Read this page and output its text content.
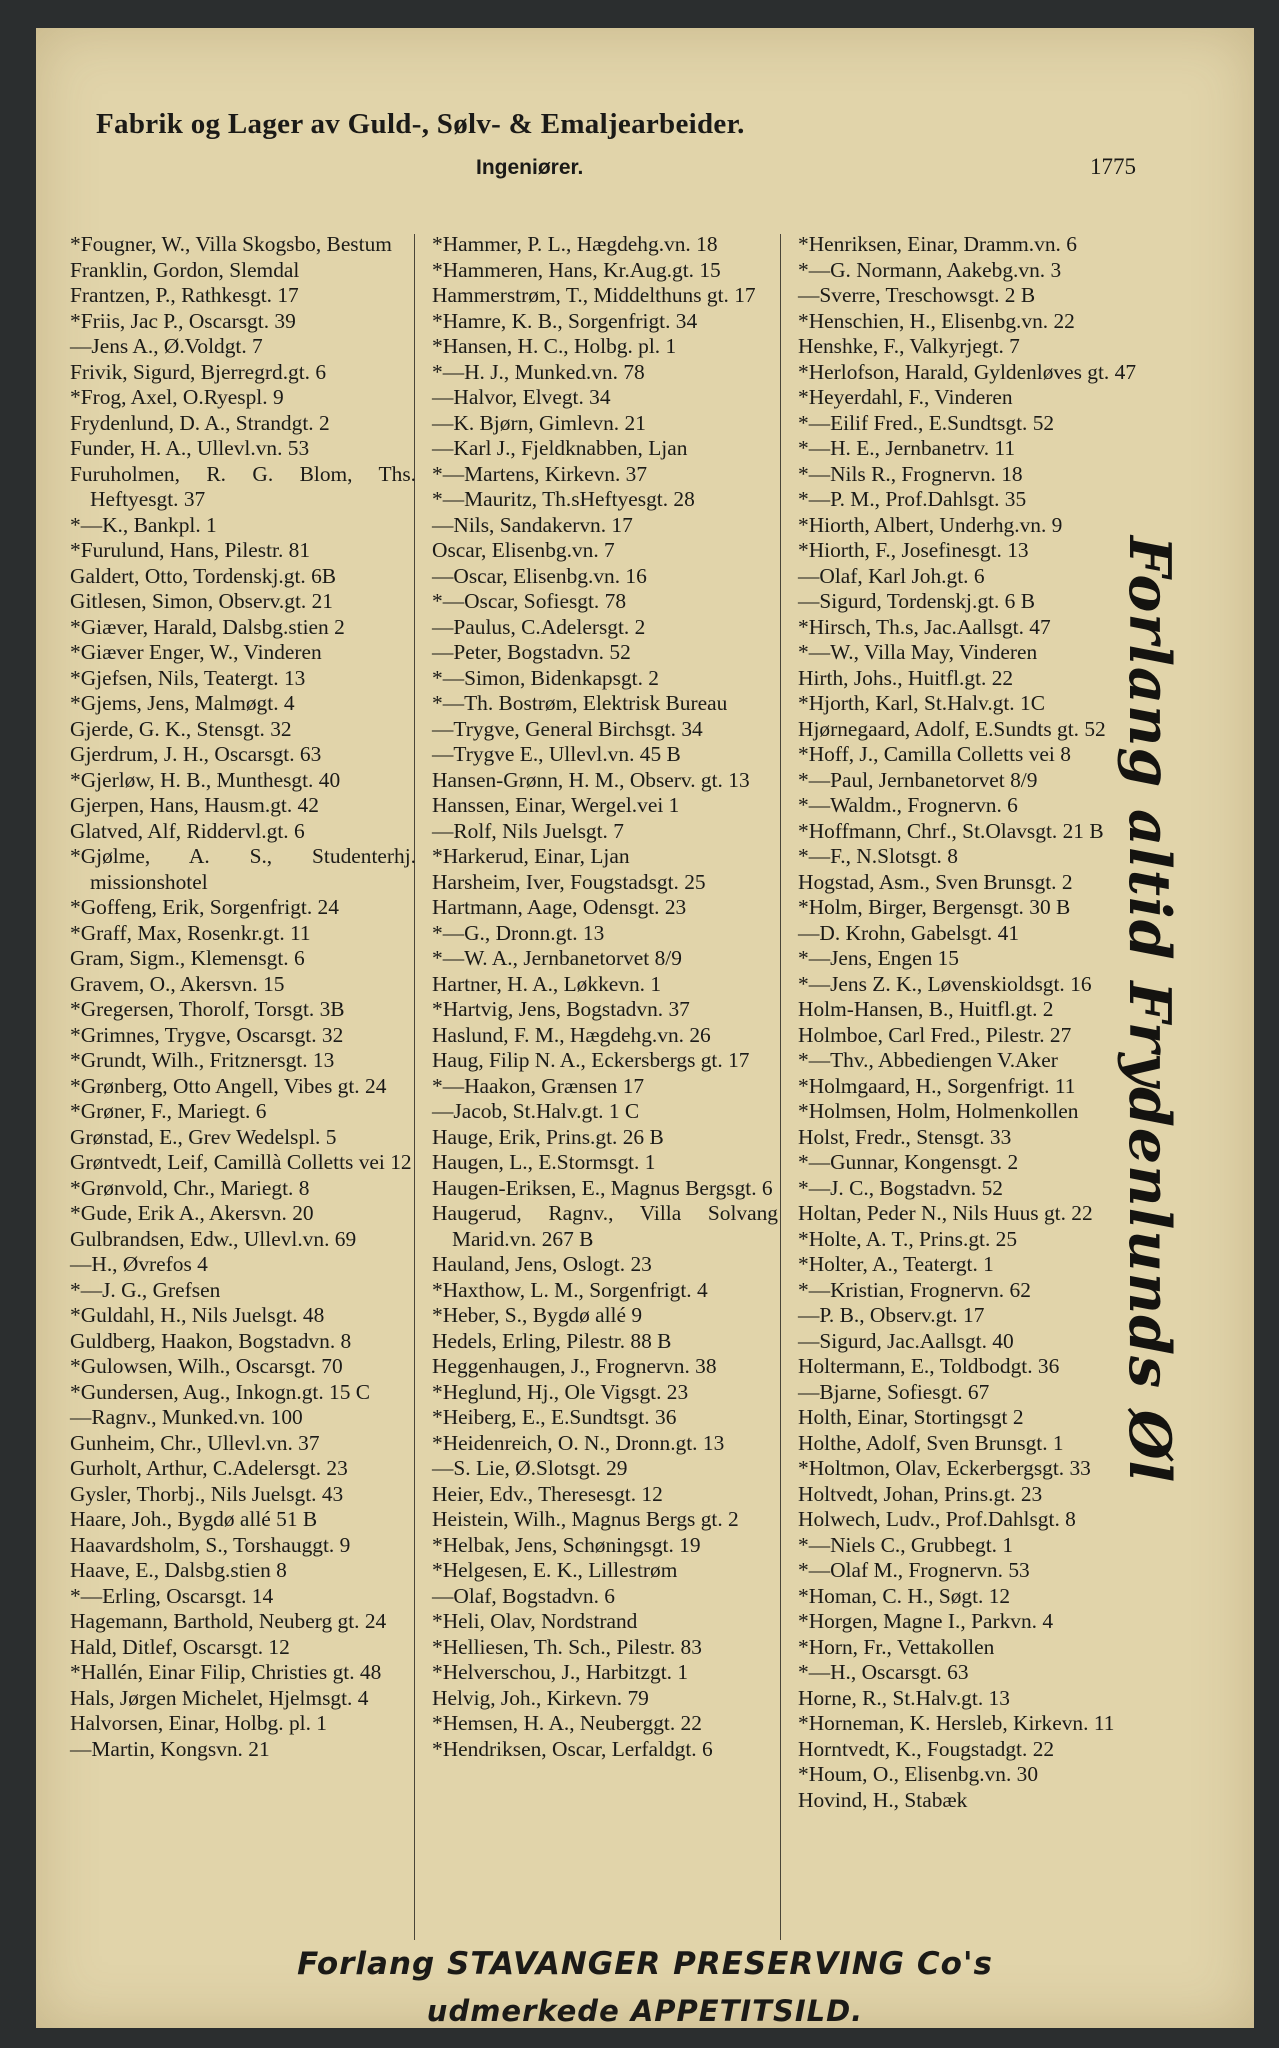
Fabrik og Lager av Guld-, Sølv- & Emaljearbeider.
Ingeniører.	1775
*Fougner, W., Villa Skogsbo, Bestum
Franklin, Gordon, Slemdal
Frantzen, P., Rathkesgt. 17
*Friis, Jac P., Oscarsgt. 39
—Jens A., Ø.Voldgt. 7
Frivik, Sigurd, Bjerregrd.gt. 6
*Frog, Axel, O.Ryespl. 9
Frydenlund, D. A., Strandgt. 2
Funder, H. A., Ullevl.vn. 53
Furuholmen, R. G. Blom, Ths. Heftyesgt. 37
*—K., Bankpl. 1
*Furulund, Hans, Pilestr. 81
Galdert, Otto, Tordenskj.gt. 6B
Gitlesen, Simon, Observ.gt. 21
*Giæver, Harald, Dalsbg.stien 2
*Giæver Enger, W., Vinderen
*Gjefsen, Nils, Teatergt. 13
*Gjems, Jens, Malmøgt. 4
Gjerde, G. K., Stensgt. 32
Gjerdrum, J. H., Oscarsgt. 63
*Gjerløw, H. B., Munthesgt. 40
Gjerpen, Hans, Hausm.gt. 42
Glatved, Alf, Riddervl.gt. 6
*Gjølme, A. S., Studenterhj. missionshotel
*Goffeng, Erik, Sorgenfrigt. 24
*Graff, Max, Rosenkr.gt. 11
Gram, Sigm., Klemensgt. 6
Gravem, O., Akersvn. 15
*Gregersen, Thorolf, Torsgt. 3B
*Grimnes, Trygve, Oscarsgt. 32
*Grundt, Wilh., Fritznersgt. 13
*Grønberg, Otto Angell, Vibes gt. 24
*Grøner, F., Mariegt. 6
Grønstad, E., Grev Wedelspl. 5
Grøntvedt, Leif, Camillà Colletts vei 12
*Grønvold, Chr., Mariegt. 8
*Gude, Erik A., Akersvn. 20
Gulbrandsen, Edw., Ullevl.vn. 69
—H., Øvrefos 4
*—J. G., Grefsen
*Guldahl, H., Nils Juelsgt. 48
Guldberg, Haakon, Bogstadvn. 8
*Gulowsen, Wilh., Oscarsgt. 70
*Gundersen, Aug., Inkogn.gt. 15 C
—Ragnv., Munked.vn. 100
Gunheim, Chr., Ullevl.vn. 37
Gurholt, Arthur, C.Adelersgt. 23
Gysler, Thorbj., Nils Juelsgt. 43
Haare, Joh., Bygdø allé 51 B
Haavardsholm, S., Torshauggt. 9
Haave, E., Dalsbg.stien 8
*—Erling, Oscarsgt. 14
Hagemann, Barthold, Neuberg gt. 24
Hald, Ditlef, Oscarsgt. 12
*Hallén, Einar Filip, Christies gt. 48
Hals, Jørgen Michelet, Hjelmsgt. 4
Halvorsen, Einar, Holbg. pl. 1
—Martin, Kongsvn. 21
*Hammer, P. L., Hægdehg.vn. 18
*Hammeren, Hans, Kr.Aug.gt. 15
Hammerstrøm, T., Middelthuns gt. 17
*Hamre, K. B., Sorgenfrigt. 34
*Hansen, H. C., Holbg. pl. 1
*—H. J., Munked.vn. 78
—Halvor, Elvegt. 34
—K. Bjørn, Gimlevn. 21
—Karl J., Fjeldknabben, Ljan
*—Martens, Kirkevn. 37
*—Mauritz, Th.sHeftyesgt. 28
—Nils, Sandakervn. 17
Oscar, Elisenbg.vn. 7
—Oscar, Elisenbg.vn. 16
*—Oscar, Sofiesgt. 78
—Paulus, C.Adelersgt. 2
—Peter, Bogstadvn. 52
*—Simon, Bidenkapsgt. 2
*—Th. Bostrøm, Elektrisk Bureau
—Trygve, General Birchsgt. 34
—Trygve E., Ullevl.vn. 45 B
Hansen-Grønn, H. M., Observ. gt. 13
Hanssen, Einar, Wergel.vei 1
—Rolf, Nils Juelsgt. 7
*Harkerud, Einar, Ljan
Harsheim, Iver, Fougstadsgt. 25
Hartmann, Aage, Odensgt. 23
*—G., Dronn.gt. 13
*—W. A., Jernbanetorvet 8/9
Hartner, H. A., Løkkevn. 1
*Hartvig, Jens, Bogstadvn. 37
Haslund, F. M., Hægdehg.vn. 26
Haug, Filip N. A., Eckersbergs gt. 17
*—Haakon, Grænsen 17
—Jacob, St.Halv.gt. 1 C
Hauge, Erik, Prins.gt. 26 B
Haugen, L., E.Stormsgt. 1
Haugen-Eriksen, E., Magnus Bergsgt. 6
Haugerud, Ragnv., Villa Solvang Marid.vn. 267 B
Hauland, Jens, Oslogt. 23
*Haxthow, L. M., Sorgenfrigt. 4
*Heber, S., Bygdø allé 9
Hedels, Erling, Pilestr. 88 B
Heggenhaugen, J., Frognervn. 38
*Heglund, Hj., Ole Vigsgt. 23
*Heiberg, E., E.Sundtsgt. 36
*Heidenreich, O. N., Dronn.gt. 13
—S. Lie, Ø.Slotsgt. 29
Heier, Edv., Theresesgt. 12
Heistein, Wilh., Magnus Bergs gt. 2
*Helbak, Jens, Schøningsgt. 19
*Helgesen, E. K., Lillestrøm
—Olaf, Bogstadvn. 6
*Heli, Olav, Nordstrand
*Helliesen, Th. Sch., Pilestr. 83
*Helverschou, J., Harbitzgt. 1
Helvig, Joh., Kirkevn. 79
*Hemsen, H. A., Neuberggt. 22
*Hendriksen, Oscar, Lerfaldgt. 6
*Henriksen, Einar, Dramm.vn. 6
*—G. Normann, Aakebg.vn. 3
—Sverre, Treschowsgt. 2 B
*Henschien, H., Elisenbg.vn. 22
Henshke, F., Valkyrjegt. 7
*Herlofson, Harald, Gyldenløves gt. 47
*Heyerdahl, F., Vinderen
*—Eilif Fred., E.Sundtsgt. 52
*—H. E., Jernbanetrv. 11
*—Nils R., Frognervn. 18
*—P. M., Prof.Dahlsgt. 35
*Hiorth, Albert, Underhg.vn. 9
*Hiorth, F., Josefinesgt. 13
—Olaf, Karl Joh.gt. 6
—Sigurd, Tordenskj.gt. 6 B
*Hirsch, Th.s, Jac.Aallsgt. 47
*—W., Villa May, Vinderen
Hirth, Johs., Huitfl.gt. 22
*Hjorth, Karl, St.Halv.gt. 1C
Hjørnegaard, Adolf, E.Sundts gt. 52
*Hoff, J., Camilla Colletts vei 8
*—Paul, Jernbanetorvet 8/9
*—Waldm., Frognervn. 6
*Hoffmann, Chrf., St.Olavsgt. 21 B
*—F., N.Slotsgt. 8
Hogstad, Asm., Sven Brunsgt. 2
*Holm, Birger, Bergensgt. 30 B
—D. Krohn, Gabelsgt. 41
*—Jens, Engen 15
*—Jens Z. K., Løvenskioldsgt. 16
Holm-Hansen, B., Huitfl.gt. 2
Holmboe, Carl Fred., Pilestr. 27
*—Thv., Abbediengen V.Aker
*Holmgaard, H., Sorgenfrigt. 11
*Holmsen, Holm, Holmenkollen
Holst, Fredr., Stensgt. 33
*—Gunnar, Kongensgt. 2
*—J. C., Bogstadvn. 52
Holtan, Peder N., Nils Huus gt. 22
*Holte, A. T., Prins.gt. 25
*Holter, A., Teatergt. 1
*—Kristian, Frognervn. 62
—P. B., Observ.gt. 17
—Sigurd, Jac.Aallsgt. 40
Holtermann, E., Toldbodgt. 36
—Bjarne, Sofiesgt. 67
Holth, Einar, Stortingsgt 2
Holthe, Adolf, Sven Brunsgt. 1
*Holtmon, Olav, Eckerbergsgt. 33
Holtvedt, Johan, Prins.gt. 23
Holwech, Ludv., Prof.Dahlsgt. 8
*—Niels C., Grubbegt. 1
*—Olaf M., Frognervn. 53
*Homan, C. H., Søgt. 12
*Horgen, Magne I., Parkvn. 4
*Horn, Fr., Vettakollen
*—H., Oscarsgt. 63
Horne, R., St.Halv.gt. 13
*Horneman, K. Hersleb, Kirkevn. 11
Horntvedt, K., Fougstadgt. 22
*Houm, O., Elisenbg.vn. 30
Hovind, H., Stabæk
Forlang altid Frydenlunds Øl
Forlang STAVANGER PRESERVING Co's
udmerkede APPETITSILD.
